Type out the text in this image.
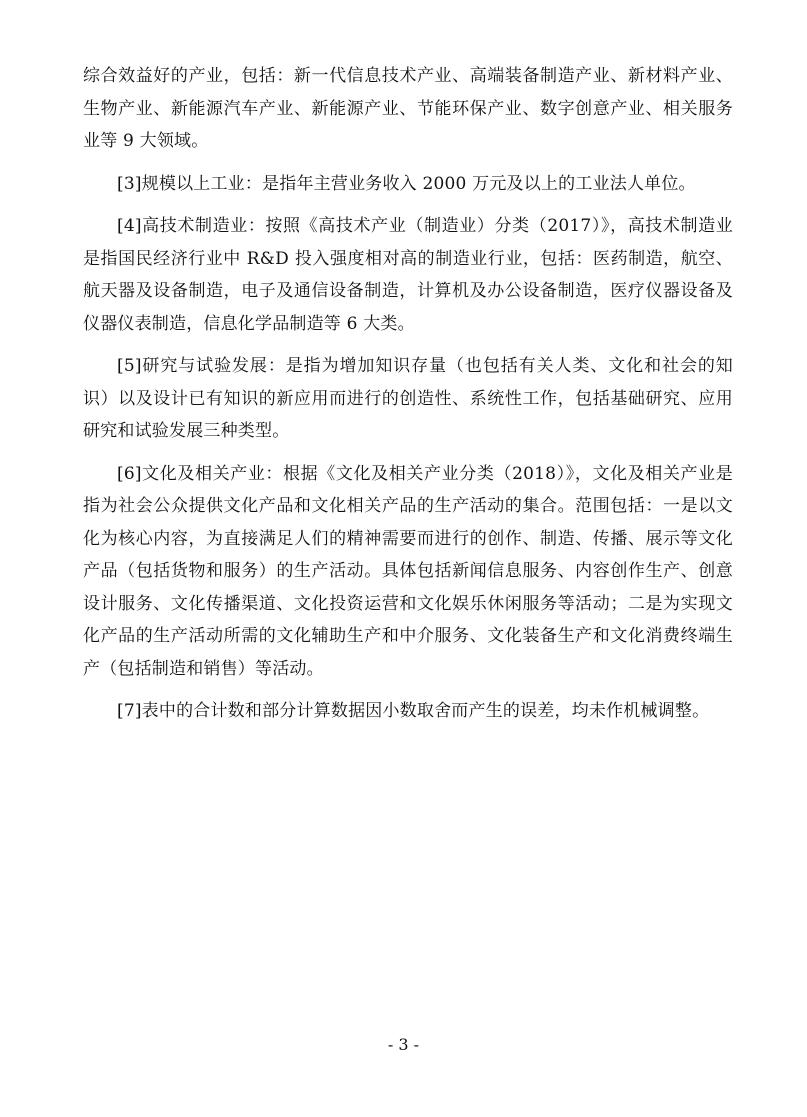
综合效益好的产业，包括：新一代信息技术产业、高端装备制造产业、新材料产业、生物产业、新能源汽车产业、新能源产业、节能环保产业、数字创意产业、相关服务业等 9 大领域。

[3]规模以上工业：是指年主营业务收入 2000 万元及以上的工业法人单位。

[4]高技术制造业：按照《高技术产业（制造业）分类（2017）》，高技术制造业是指国民经济行业中 R&D 投入强度相对高的制造业行业，包括：医药制造，航空、航天器及设备制造，电子及通信设备制造，计算机及办公设备制造，医疗仪器设备及仪器仪表制造，信息化学品制造等 6 大类。

[5]研究与试验发展：是指为增加知识存量（也包括有关人类、文化和社会的知识）以及设计已有知识的新应用而进行的创造性、系统性工作，包括基础研究、应用研究和试验发展三种类型。

[6]文化及相关产业：根据《文化及相关产业分类（2018）》，文化及相关产业是指为社会公众提供文化产品和文化相关产品的生产活动的集合。范围包括：一是以文化为核心内容，为直接满足人们的精神需要而进行的创作、制造、传播、展示等文化产品（包括货物和服务）的生产活动。具体包括新闻信息服务、内容创作生产、创意设计服务、文化传播渠道、文化投资运营和文化娱乐休闲服务等活动；二是为实现文化产品的生产活动所需的文化辅助生产和中介服务、文化装备生产和文化消费终端生产（包括制造和销售）等活动。

[7]表中的合计数和部分计算数据因小数取舍而产生的误差，均未作机械调整。

- 3 -
